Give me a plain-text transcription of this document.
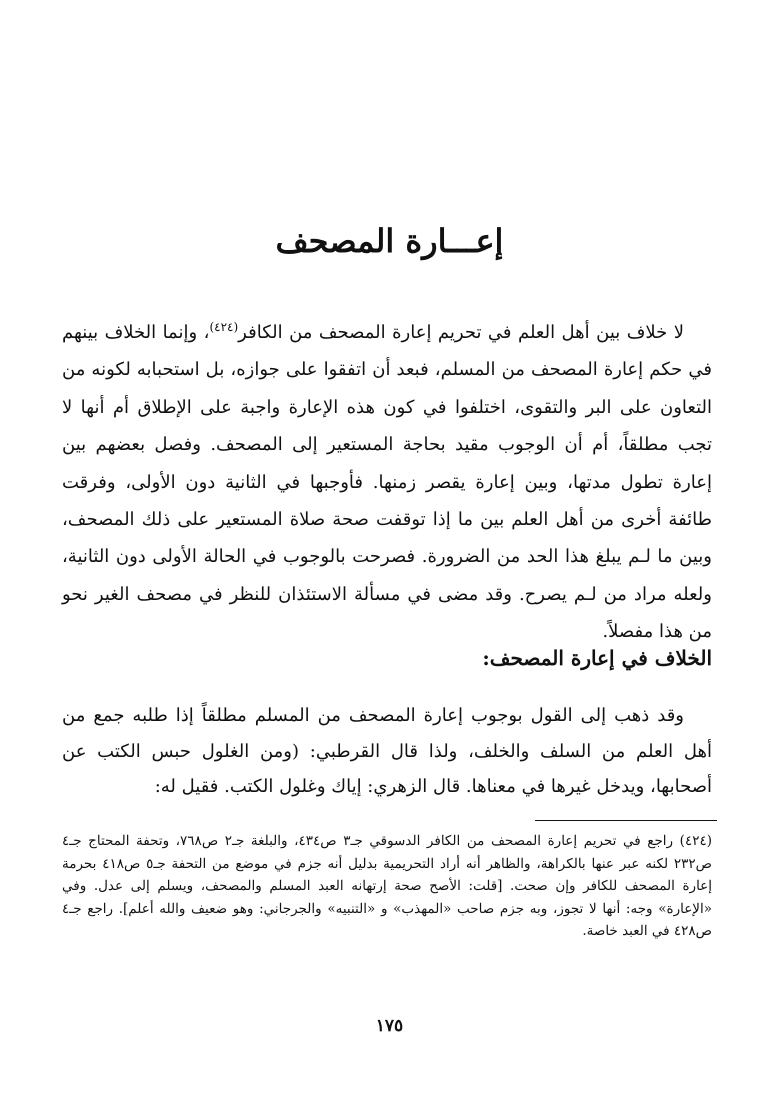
إعـــارة المصحف

لا خلاف بين أهل العلم في تحريم إعارة المصحف من الكافر$^{(٤٢٤)}$، وإنما الخلاف بينهم في حكم إعارة المصحف من المسلم، فبعد أن اتفقوا على جوازه، بل استحبابه لكونه من التعاون على البر والتقوى، اختلفوا في كون هذه الإعارة واجبة على الإطلاق أم أنها لا تجب مطلقاً، أم أن الوجوب مقيد بحاجة المستعير إلى المصحف. وفصل بعضهم بين إعارة تطول مدتها، وبين إعارة يقصر زمنها. فأوجبها في الثانية دون الأولى، وفرقت طائفة أخرى من أهل العلم بين ما إذا توقفت صحة صلاة المستعير على ذلك المصحف، وبين ما لـم يبلغ هذا الحد من الضرورة. فصرحت بالوجوب في الحالة الأولى دون الثانية، ولعله مراد من لـم يصرح. وقد مضى في مسألة الاستئذان للنظر في مصحف الغير نحو من هذا مفصلاً.

الخلاف في إعارة المصحف:

وقد ذهب إلى القول بوجوب إعارة المصحف من المسلم مطلقاً إذا طلبه جمع من أهل العلم من السلف والخلف، ولذا قال القرطبي: (ومن الغلول حبس الكتب عن أصحابها، ويدخل غيرها في معناها. قال الزهري: إياك وغلول الكتب. فقيل له:

(٤٢٤) راجع في تحريم إعارة المصحف من الكافر الدسوقي جـ٣ ص٤٣٤، والبلغة جـ٢ ص٧٦٨، وتحفة المحتاج جـ٤ ص٢٣٢ لكنه عبر عنها بالكراهة، والظاهر أنه أراد التحريمية بدليل أنه جزم في موضع من التحفة جـ٥ ص٤١٨ بحرمة إعارة المصحف للكافر وإن صحت. [قلت: الأصح صحة إرتهانه العبد المسلم والمصحف، ويسلم إلى عدل. وفي «الإعارة» وجه: أنها لا تجوز، وبه جزم صاحب «المهذب» و «التنبيه» والجرجاني: وهو ضعيف والله أعلم]. راجع جـ٤ ص٤٢٨ في العبد خاصة.

١٧٥
